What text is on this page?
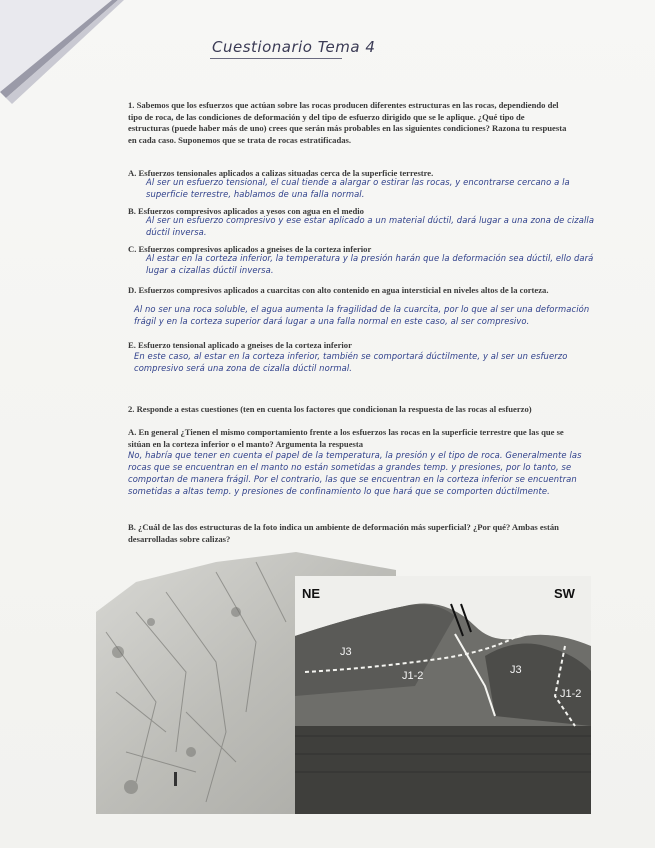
Cuestionario Tema 4
1. Sabemos que los esfuerzos que actúan sobre las rocas producen diferentes estructuras en las rocas, dependiendo del tipo de roca, de las condiciones de deformación y del tipo de esfuerzo dirigido que se le aplique. ¿Qué tipo de estructuras (puede haber más de uno) crees que serán más probables en las siguientes condiciones? Razona tu respuesta en cada caso. Suponemos que se trata de rocas estratificadas.
A. Esfuerzos tensionales aplicados a calizas situadas cerca de la superficie terrestre.
Al ser un esfuerzo tensional, el cual tiende a alargar o estirar las rocas, y encontrarse cercano a la superficie terrestre, hablamos de una falla normal.
B. Esfuerzos compresivos aplicados a yesos con agua en el medio
Al ser un esfuerzo compresivo y ese estar aplicado a un material dúctil, dará lugar a una zona de cizalla dúctil inversa.
C. Esfuerzos compresivos aplicados a gneises de la corteza inferior
Al estar en la corteza inferior, la temperatura y la presión harán que la deformación sea dúctil, ello dará lugar a cizallas dúctil inversa.
D. Esfuerzos compresivos aplicados a cuarcitas con alto contenido en agua intersticial en niveles altos de la corteza.
Al no ser una roca soluble, el agua aumenta la fragilidad de la cuarcita, por lo que al ser una deformación frágil y en la corteza superior dará lugar a una falla normal en este caso, al ser compresivo.
E. Esfuerzo tensional aplicado a gneises de la corteza inferior
En este caso, al estar en la corteza inferior, también se comportará dúctilmente, y al ser un esfuerzo compresivo será una zona de cizalla dúctil normal.
2. Responde a estas cuestiones (ten en cuenta los factores que condicionan la respuesta de las rocas al esfuerzo)
A. En general ¿Tienen el mismo comportamiento frente a los esfuerzos las rocas en la superficie terrestre que las que se sitúan en la corteza inferior o el manto? Argumenta la respuesta
No, habría que tener en cuenta el papel de la temperatura, la presión y el tipo de roca. Generalmente las rocas que se encuentran en el manto no están sometidas a grandes temp. y presiones, por lo tanto, se comportan de manera frágil. Por el contrario, las que se encuentran en la corteza inferior se encuentran sometidas a altas temp. y presiones de confinamiento lo que hará que se comporten dúctilmente.
B. ¿Cuál de las dos estructuras de la foto indica un ambiente de deformación más superficial? ¿Por qué? Ambas están desarrolladas sobre calizas?
NE	SW
J3
J1-2	J3
J1-2
